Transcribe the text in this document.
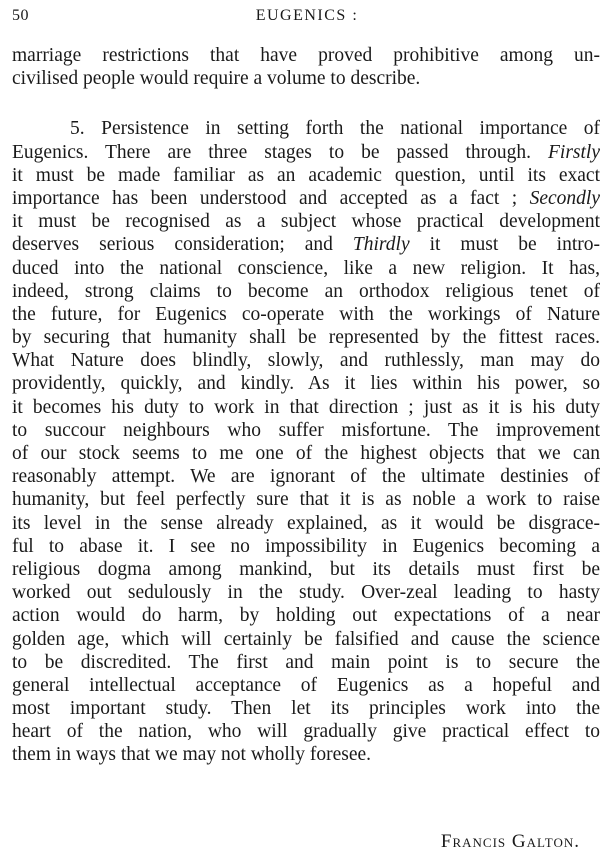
50	EUGENICS :
marriage restrictions that have proved prohibitive among un-
civilised people would require a volume to describe.
5. Persistence in setting forth the national importance of
Eugenics. There are three stages to be passed through. Firstly
it must be made familiar as an academic question, until its exact
importance has been understood and accepted as a fact ; Secondly
it must be recognised as a subject whose practical development
deserves serious consideration; and Thirdly it must be intro-
duced into the national conscience, like a new religion. It has,
indeed, strong claims to become an orthodox religious tenet of
the future, for Eugenics co-operate with the workings of Nature
by securing that humanity shall be represented by the fittest races.
What Nature does blindly, slowly, and ruthlessly, man may do
providently, quickly, and kindly. As it lies within his power, so
it becomes his duty to work in that direction ; just as it is his duty
to succour neighbours who suffer misfortune. The improvement
of our stock seems to me one of the highest objects that we can
reasonably attempt. We are ignorant of the ultimate destinies of
humanity, but feel perfectly sure that it is as noble a work to raise
its level in the sense already explained, as it would be disgrace-
ful to abase it. I see no impossibility in Eugenics becoming a
religious dogma among mankind, but its details must first be
worked out sedulously in the study. Over-zeal leading to hasty
action would do harm, by holding out expectations of a near
golden age, which will certainly be falsified and cause the science
to be discredited. The first and main point is to secure the
general intellectual acceptance of Eugenics as a hopeful and
most important study. Then let its principles work into the
heart of the nation, who will gradually give practical effect to
them in ways that we may not wholly foresee.
Francis Galton.
